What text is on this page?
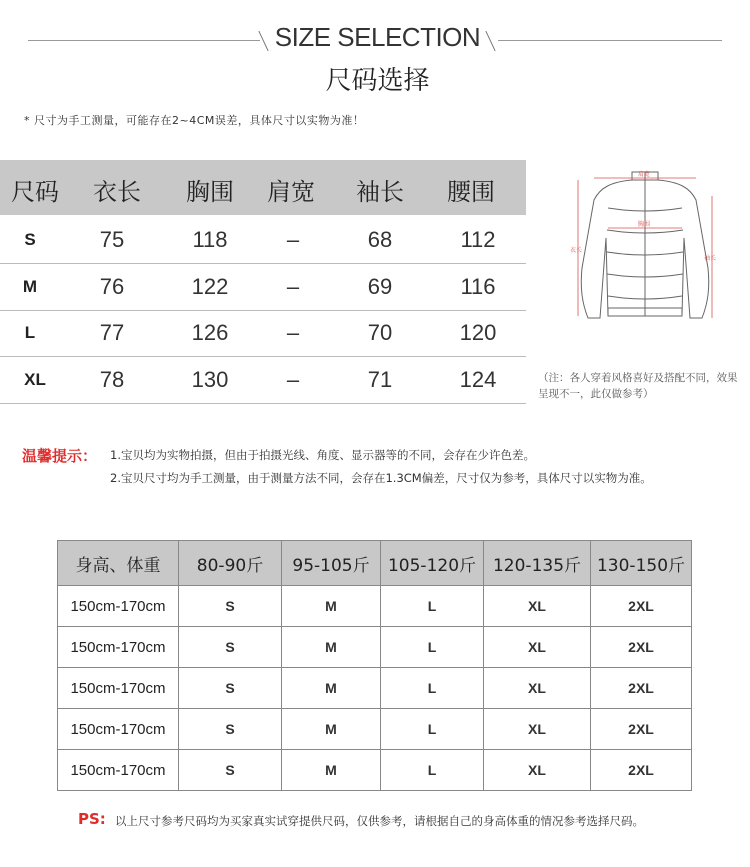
SIZE SELECTION
尺码选择
* 尺寸为手工测量，可能存在2~4CM误差，具体尺寸以实物为准！
尺码	衣长	胸围	肩宽	袖长	腰围
S	75	118	–	68	112
M	76	122	–	69	116
L	77	126	–	70	120
XL	78	130	–	71	124
肩宽
胸围
衣长
袖长
（注：各人穿着风格喜好及搭配不同，效果呈现不一，此仅做参考）
温馨提示： 1.宝贝均为实物拍摄，但由于拍摄光线、角度、显示器等的不同，会存在少许色差。
2.宝贝尺寸均为手工测量，由于测量方法不同，会存在1.3CM偏差，尺寸仅为参考，具体尺寸以实物为准。
身高、体重	80-90斤	95-105斤	105-120斤	120-135斤	130-150斤
150cm-170cm	S	M	L	XL	2XL
150cm-170cm	S	M	L	XL	2XL
150cm-170cm	S	M	L	XL	2XL
150cm-170cm	S	M	L	XL	2XL
150cm-170cm	S	M	L	XL	2XL
PS: 以上尺寸参考尺码均为买家真实试穿提供尺码，仅供参考，请根据自己的身高体重的情况参考选择尺码。
